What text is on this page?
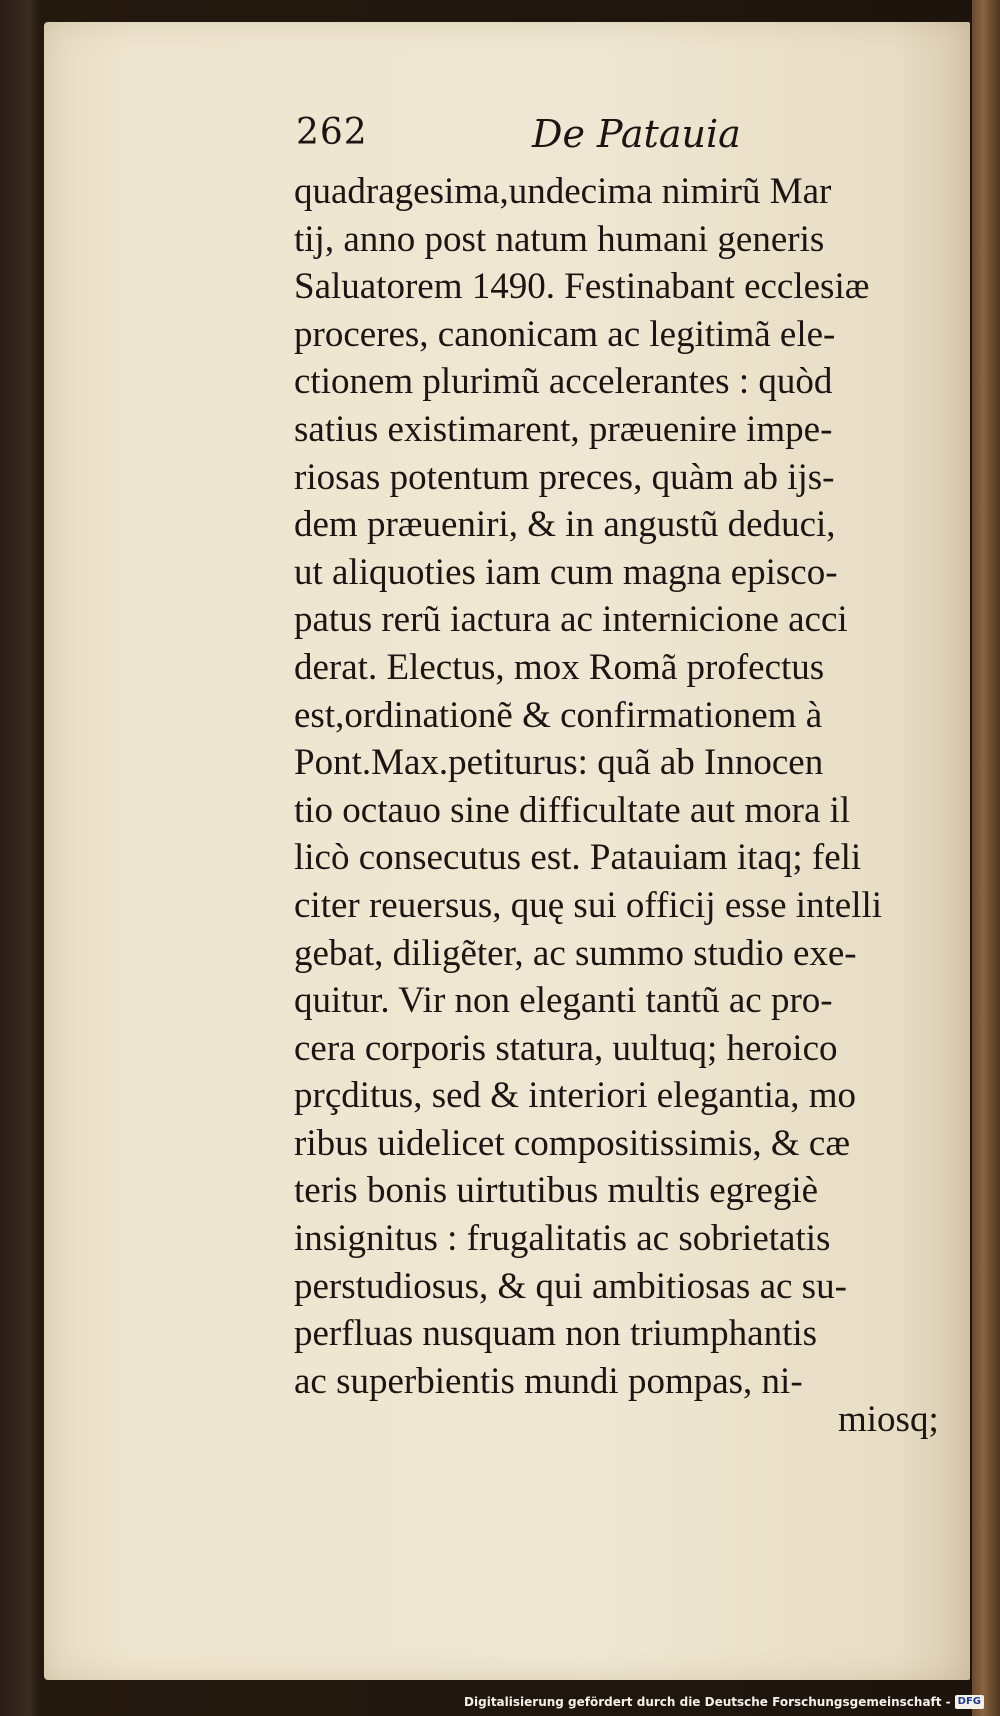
262	De Patauia
quadragesima,undecima nimirũ Mar
tij, anno post natum humani generis
Saluatorem 1490. Festinabant ecclesiæ
proceres, canonicam ac legitimã ele-
ctionem plurimũ accelerantes : quòd
satius existimarent, præuenire impe-
riosas potentum preces, quàm ab ijs-
dem præueniri, & in angustũ deduci,
ut aliquoties iam cum magna episco-
patus rerũ iactura ac internicione acci
derat. Electus, mox Romã profectus
est,ordinationẽ & confirmationem à
Pont.Max.petiturus: quã ab Innocen
tio octauo sine difficultate aut mora il
licò consecutus est. Patauiam itaq; feli
citer reuersus, quę sui officij esse intelli
gebat, diligẽter, ac summo studio exe-
quitur. Vir non eleganti tantũ ac pro-
cera corporis statura, uultuq; heroico
prçditus, sed & interiori elegantia, mo
ribus uidelicet compositissimis, & cæ
teris bonis uirtutibus multis egregiè
insignitus : frugalitatis ac sobrietatis
perstudiosus, & qui ambitiosas ac su-
perfluas nusquam non triumphantis
ac superbientis mundi pompas, ni-
miosq;
Digitalisierung gefördert durch die Deutsche Forschungsgemeinschaft - DFG
